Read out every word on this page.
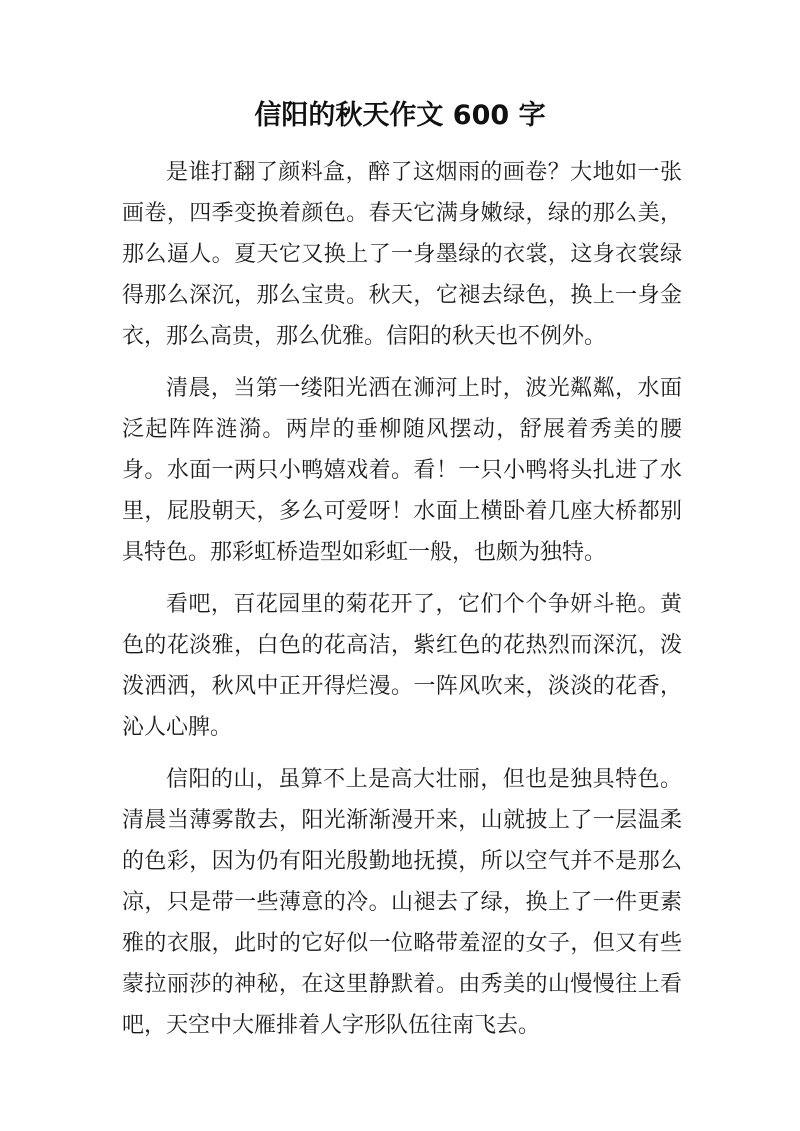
信阳的秋天作文 600 字

是谁打翻了颜料盒，醉了这烟雨的画卷？大地如一张画卷，四季变换着颜色。春天它满身嫩绿，绿的那么美，那么逼人。夏天它又换上了一身墨绿的衣裳，这身衣裳绿得那么深沉，那么宝贵。秋天，它褪去绿色，换上一身金衣，那么高贵，那么优雅。信阳的秋天也不例外。

清晨，当第一缕阳光洒在浉河上时，波光粼粼，水面泛起阵阵涟漪。两岸的垂柳随风摆动，舒展着秀美的腰身。水面一两只小鸭嬉戏着。看！一只小鸭将头扎进了水里，屁股朝天，多么可爱呀！水面上横卧着几座大桥都别具特色。那彩虹桥造型如彩虹一般，也颇为独特。

看吧，百花园里的菊花开了，它们个个争妍斗艳。黄色的花淡雅，白色的花高洁，紫红色的花热烈而深沉，泼泼洒洒，秋风中正开得烂漫。一阵风吹来，淡淡的花香，沁人心脾。

信阳的山，虽算不上是高大壮丽，但也是独具特色。清晨当薄雾散去，阳光渐渐漫开来，山就披上了一层温柔的色彩，因为仍有阳光殷勤地抚摸，所以空气并不是那么凉，只是带一些薄意的冷。山褪去了绿，换上了一件更素雅的衣服，此时的它好似一位略带羞涩的女子，但又有些蒙拉丽莎的神秘，在这里静默着。由秀美的山慢慢往上看吧，天空中大雁排着人字形队伍往南飞去。
